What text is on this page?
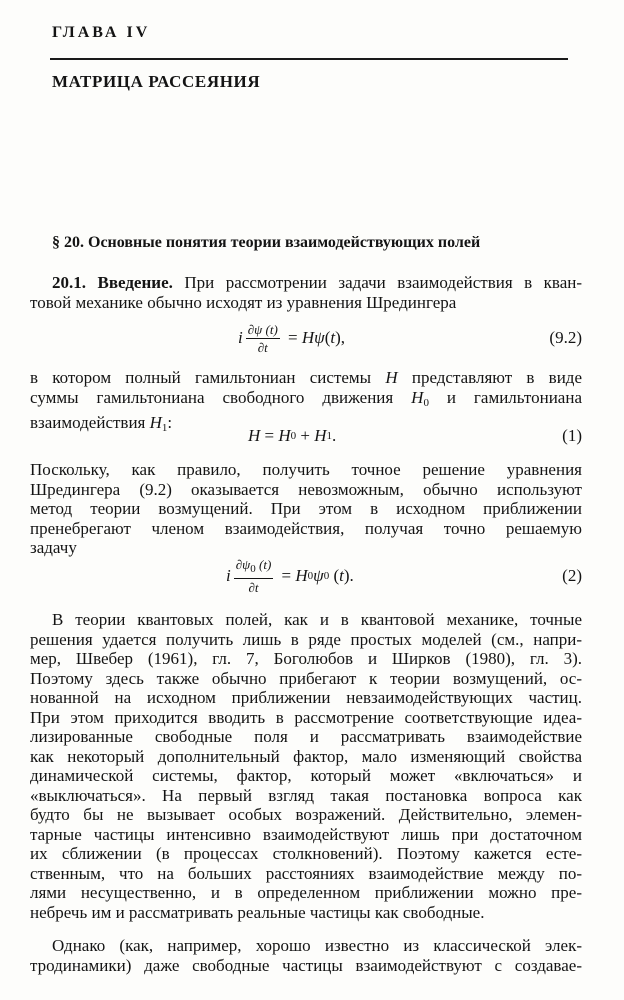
ГЛАВА IV
МАТРИЦА РАССЕЯНИЯ
§ 20. Основные понятия теории взаимодействующих полей
20.1. Введение. При рассмотрении задачи взаимодействия в кван-
товой механике обычно исходят из уравнения Шредингера
i $\frac{\partial\psi (t)}{\partial t} = H$ ψ ( t ),	(9.2)
в котором полный гамильтониан системы H представляют в виде
суммы гамильтониана свободного движения $H_0$ и гамильтониана
взаимодействия $H_1$:
H = H 0 + H 1 .	(1)
Поскольку, как правило, получить точное решение уравнения
Шредингера (9.2) оказывается невозможным, обычно используют
метод теории возмущений. При этом в исходном приближении
пренебрегают членом взаимодействия, получая точно решаемую
задачу
i $\frac{\partial\psi_0 (t)}{\partial t} = H$ 0 ψ 0 ( t ).	(2)
В теории квантовых полей, как и в квантовой механике, точные
решения удается получить лишь в ряде простых моделей (см., напри-
мер, Швебер (1961), гл. 7, Боголюбов и Ширков (1980), гл. 3).
Поэтому здесь также обычно прибегают к теории возмущений, ос-
нованной на исходном приближении невзаимодействующих частиц.
При этом приходится вводить в рассмотрение соответствующие идеа-
лизированные свободные поля и рассматривать взаимодействие
как некоторый дополнительный фактор, мало изменяющий свойства
динамической системы, фактор, который может «включаться» и
«выключаться». На первый взгляд такая постановка вопроса как
будто бы не вызывает особых возражений. Действительно, элемен-
тарные частицы интенсивно взаимодействуют лишь при достаточном
их сближении (в процессах столкновений). Поэтому кажется есте-
ственным, что на больших расстояниях взаимодействие между по-
лями несущественно, и в определенном приближении можно пре-
небречь им и рассматривать реальные частицы как свободные.
Однако (как, например, хорошо известно из классической элек-
тродинамики) даже свободные частицы взаимодействуют с создавае-
